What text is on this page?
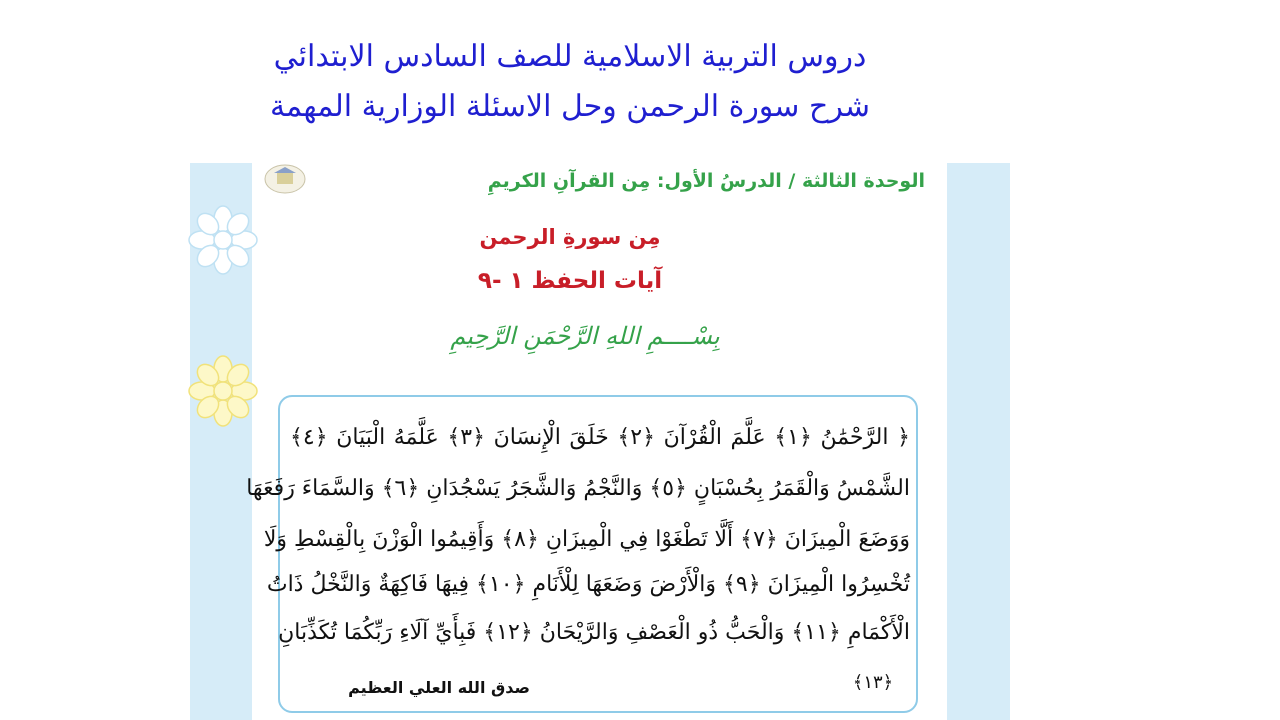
دروس التربية الاسلامية للصف السادس الابتدائي
شرح سورة الرحمن وحل الاسئلة الوزارية المهمة
الوحدة الثالثة / الدرسُ الأول: مِن القرآنِ الكريمِ
مِن سورةِ الرحمن
آيات الحفظ ١ -٩
بِسْــــمِ اللهِ الرَّحْمَنِ الرَّحِيمِ
﴿ الرَّحْمَٰنُ ﴿١﴾ عَلَّمَ الْقُرْآنَ ﴿٢﴾ خَلَقَ الْإِنسَانَ ﴿٣﴾ عَلَّمَهُ الْبَيَانَ ﴿٤﴾
الشَّمْسُ وَالْقَمَرُ بِحُسْبَانٍ ﴿٥﴾ وَالنَّجْمُ وَالشَّجَرُ يَسْجُدَانِ ﴿٦﴾ وَالسَّمَاءَ رَفَعَهَا
وَوَضَعَ الْمِيزَانَ ﴿٧﴾ أَلَّا تَطْغَوْا فِي الْمِيزَانِ ﴿٨﴾ وَأَقِيمُوا الْوَزْنَ بِالْقِسْطِ وَلَا
تُخْسِرُوا الْمِيزَانَ ﴿٩﴾ وَالْأَرْضَ وَضَعَهَا لِلْأَنَامِ ﴿١٠﴾ فِيهَا فَاكِهَةٌ وَالنَّخْلُ ذَاتُ
الْأَكْمَامِ ﴿١١﴾ وَالْحَبُّ ذُو الْعَصْفِ وَالرَّيْحَانُ ﴿١٢﴾ فَبِأَيِّ آلَاءِ رَبِّكُمَا تُكَذِّبَانِ
﴿١٣﴾
صدق الله العلي العظيم
